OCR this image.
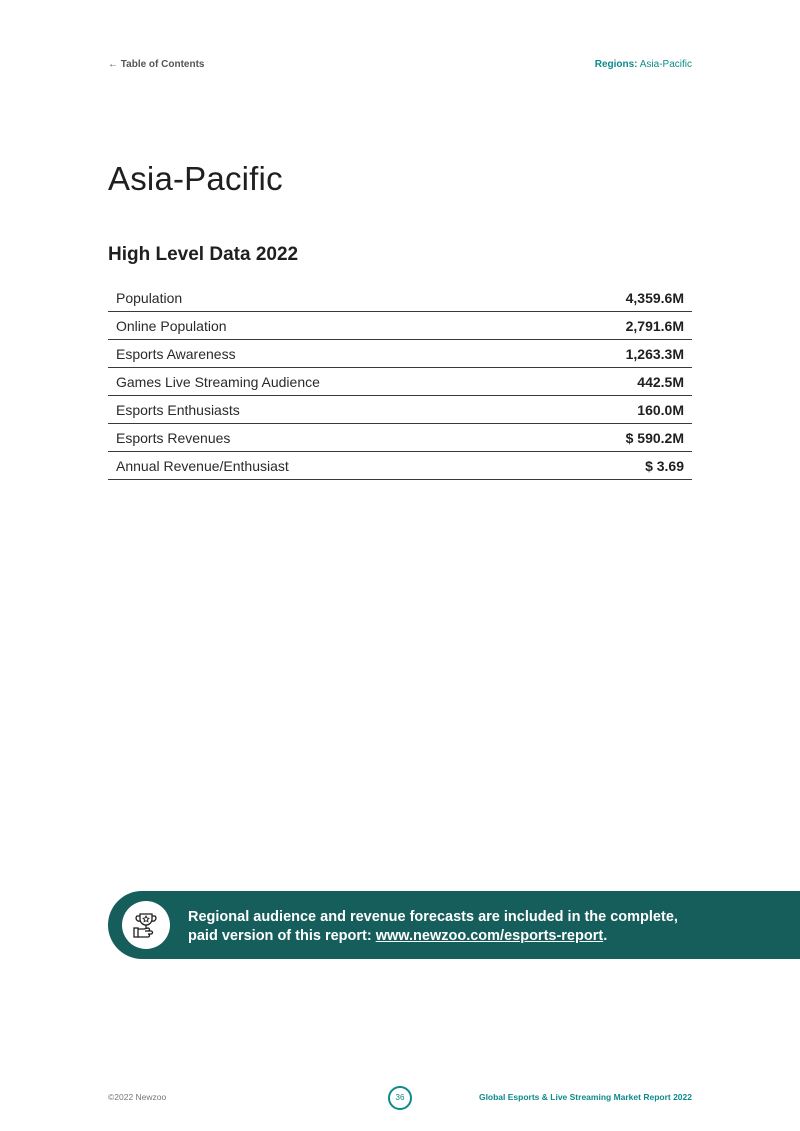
← Table of Contents	Regions: Asia-Pacific
Asia-Pacific
High Level Data 2022
Population	4,359.6M
Online Population	2,791.6M
Esports Awareness	1,263.3M
Games Live Streaming Audience	442.5M
Esports Enthusiasts	160.0M
Esports Revenues	$ 590.2M
Annual Revenue/Enthusiast	$ 3.69
Regional audience and revenue forecasts are included in the complete,
paid version of this report: www.newzoo.com/esports-report.
©2022 Newzoo	36	Global Esports & Live Streaming Market Report 2022
